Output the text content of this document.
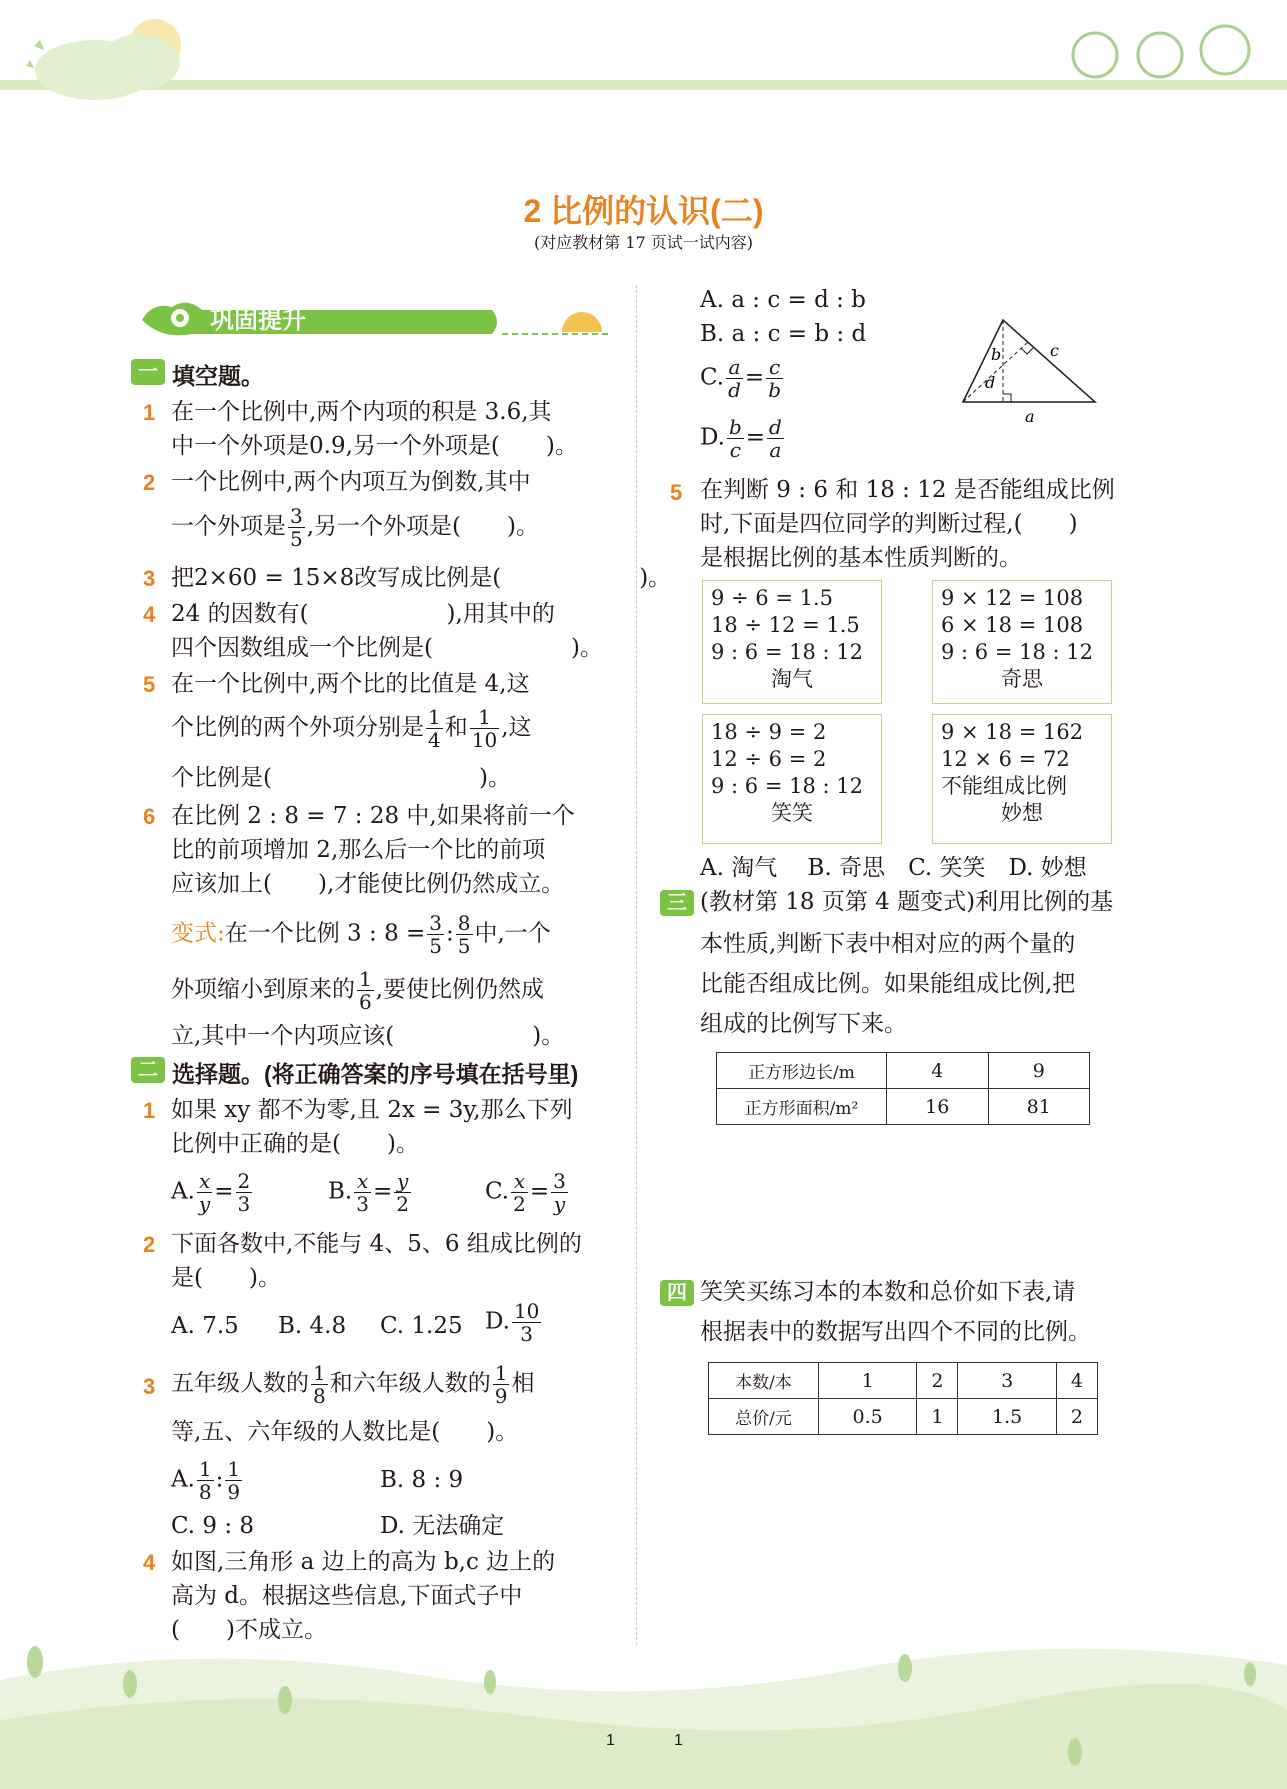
2 比例的认识(二)
(对应教材第 17 页试一试内容)
巩固提升
一 填空题。
1 在一个比例中,两个内项的积是 3.6,其
中一个外项是0.9,另一个外项是(　　)。
2 一个比例中,两个内项互为倒数,其中
一个外项是 $\frac{3}{5}$ ,另一个外项是(　　)。
3 把2×60 = 15×8改写成比例是(　　　　　　)。
4 24 的因数有(　　　　　　),用其中的
四个因数组成一个比例是(　　　　　　)。
5 在一个比例中,两个比的比值是 4,这
个比例的两个外项分别是 $\frac{1}{4}$ 和 $\frac{1}{10}$ ,这
个比例是(　　　　　　　　　)。
6 在比例 2 : 8 = 7 : 28 中,如果将前一个
比的前项增加 2,那么后一个比的前项
应该加上(　　),才能使比例仍然成立。
变式:在一个比例 3 : $8 = \frac{3}{5}$ : $\frac{8}{5}$ 中,一个
外项缩小到原来的 $\frac{1}{6}$ ,要使比例仍然成
立,其中一个内项应该(　　　　　　)。
二 选择题。(将正确答案的序号填在括号里)
1 如果 xy 都不为零,且 2x = 3y,那么下列
比例中正确的是(　　)。
A. $\frac{x}{y} = \frac{2}{3}$	B. $\frac{x}{3} = \frac{y}{2}$	C. $\frac{x}{2} = \frac{3}{y}$
2 下面各数中,不能与 4、5、6 组成比例的
是(　　)。
A. 7.5 B. 4.8 C. 1.25 D. $\frac{10}{3}$
3 五年级人数的 $\frac{1}{8}$ 和六年级人数的 $\frac{1}{9}$ 相
等,五、六年级的人数比是(　　)。
A. $\frac{1}{8}$ : $\frac{1}{9}$	B. 8 : 9
C. 9 : 8	D. 无法确定
4 如图,三角形 a 边上的高为 b,c 边上的
高为 d。根据这些信息,下面式子中
(　　)不成立。
A. a : c = d : b
B. a : c = b : d
C. $\frac{a}{d} = \frac{c}{b}$
D. $\frac{b}{c} = \frac{d}{a}$
b
d
c
a
5 在判断 9 : 6 和 18 : 12 是否能组成比例
时,下面是四位同学的判断过程,(　　)
是根据比例的基本性质判断的。
9 ÷ 6 = 1.5
18 ÷ 12 = 1.5
9 : 6 = 18 : 12
淘气
9 × 12 = 108
6 × 18 = 108
9 : 6 = 18 : 12
奇思
18 ÷ 9 = 2
12 ÷ 6 = 2
9 : 6 = 18 : 12
笑笑
9 × 18 = 162
12 × 6 = 72
不能组成比例
妙想
A. 淘气　 B. 奇思　C. 笑笑　D. 妙想
三 (教材第 18 页第 4 题变式)利用比例的基
本性质,判断下表中相对应的两个量的
比能否组成比例。如果能组成比例,把
组成的比例写下来。
正方形边长/m	4	9
正方形面积/m²	16	81
四 笑笑买练习本的本数和总价如下表,请
根据表中的数据写出四个不同的比例。
本数/本	1	2	3	4
总价/元	0.5	1	1.5	2
1	1
